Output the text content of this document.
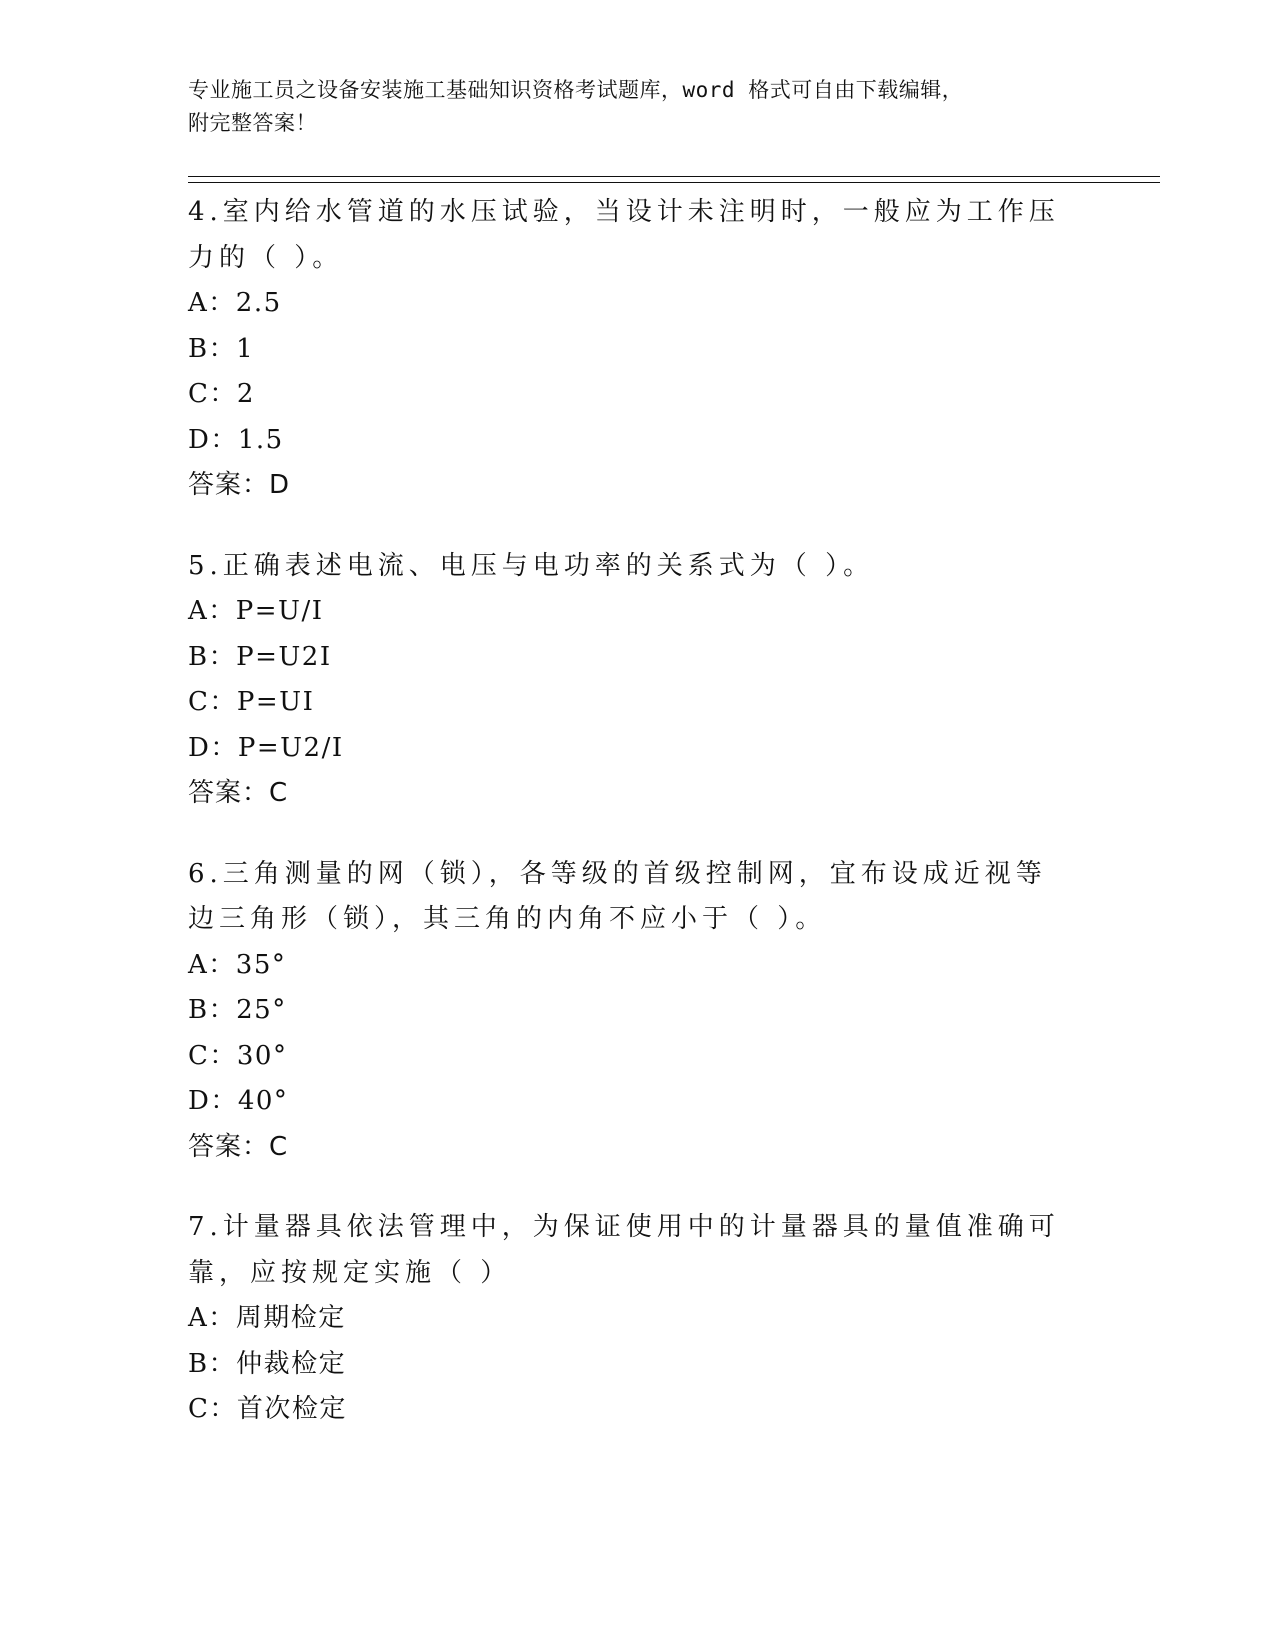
专业施工员之设备安装施工基础知识资格考试题库，word 格式可自由下载编辑，
附完整答案！
4.室内给水管道的水压试验，当设计未注明时，一般应为工作压力的（ ）。
A：2.5
B：1
C：2
D：1.5
答案：D
5.正确表述电流、电压与电功率的关系式为（ ）。
A：P=U/I
B：P=U2I
C：P=UI
D：P=U2/I
答案：C
6.三角测量的网（锁），各等级的首级控制网，宜布设成近视等边三角形（锁），其三角的内角不应小于（ ）。
A：35°
B：25°
C：30°
D：40°
答案：C
7.计量器具依法管理中，为保证使用中的计量器具的量值准确可靠，应按规定实施（ ）
A：周期检定
B：仲裁检定
C：首次检定
